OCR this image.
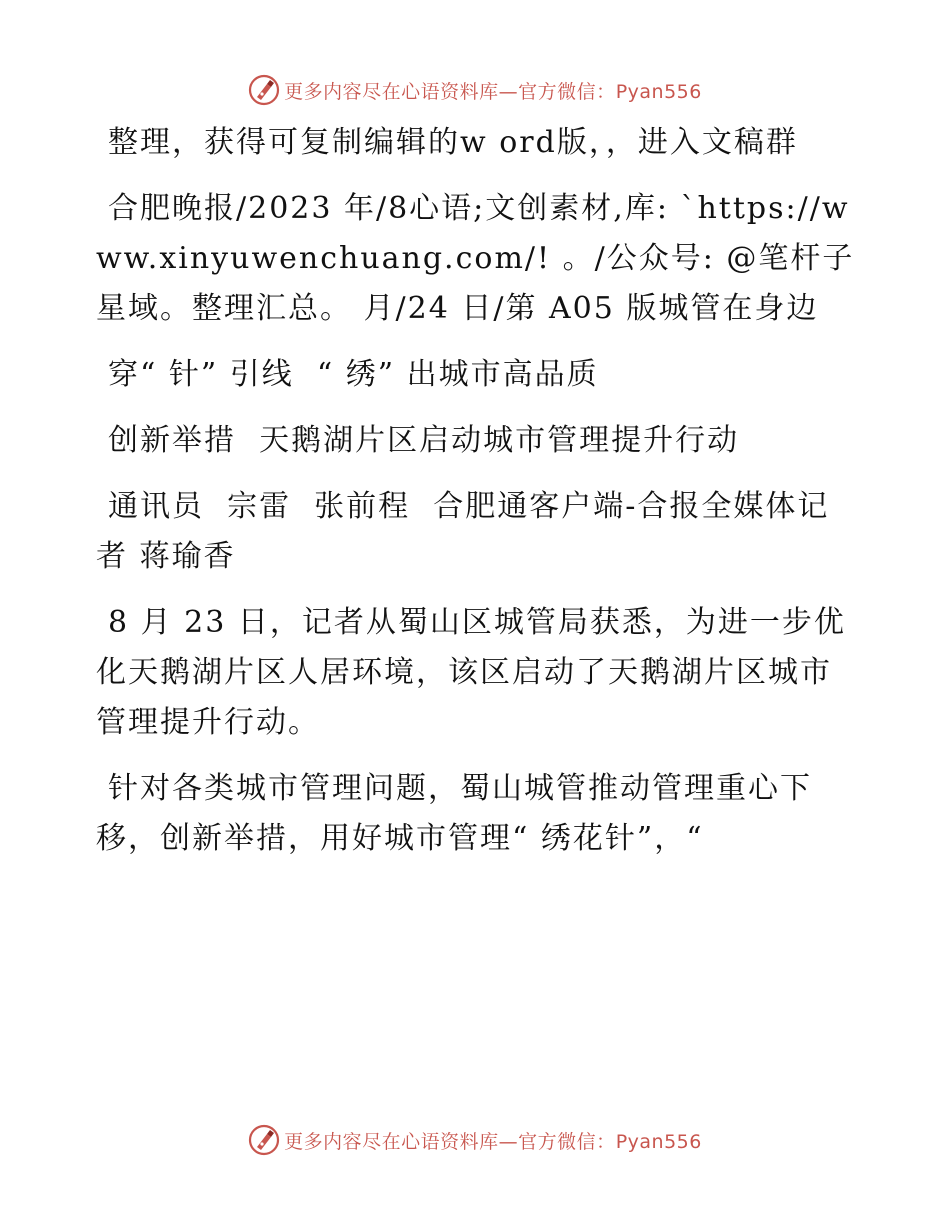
更多内容尽在心语资料库—官方微信：Pyan556

整理，获得可复制编辑的w ord版，，进入文稿群

合肥晚报/2023 年/8心语;文创素材,库: `https://www.xinyuwenchuang.com/! 。/公众号: @笔杆子星域。整理汇总。 月/24 日/第 A05 版城管在身边

穿“ 针” 引线  “ 绣” 出城市高品质

创新举措  天鹅湖片区启动城市管理提升行动

通讯员  宗雷  张前程  合肥通客户端-合报全媒体记者 蒋瑜香

8 月 23 日，记者从蜀山区城管局获悉，为进一步优化天鹅湖片区人居环境，该区启动了天鹅湖片区城市管理提升行动。

针对各类城市管理问题，蜀山城管推动管理重心下移，创新举措，用好城市管理“ 绣花针”，“

更多内容尽在心语资料库—官方微信：Pyan556
